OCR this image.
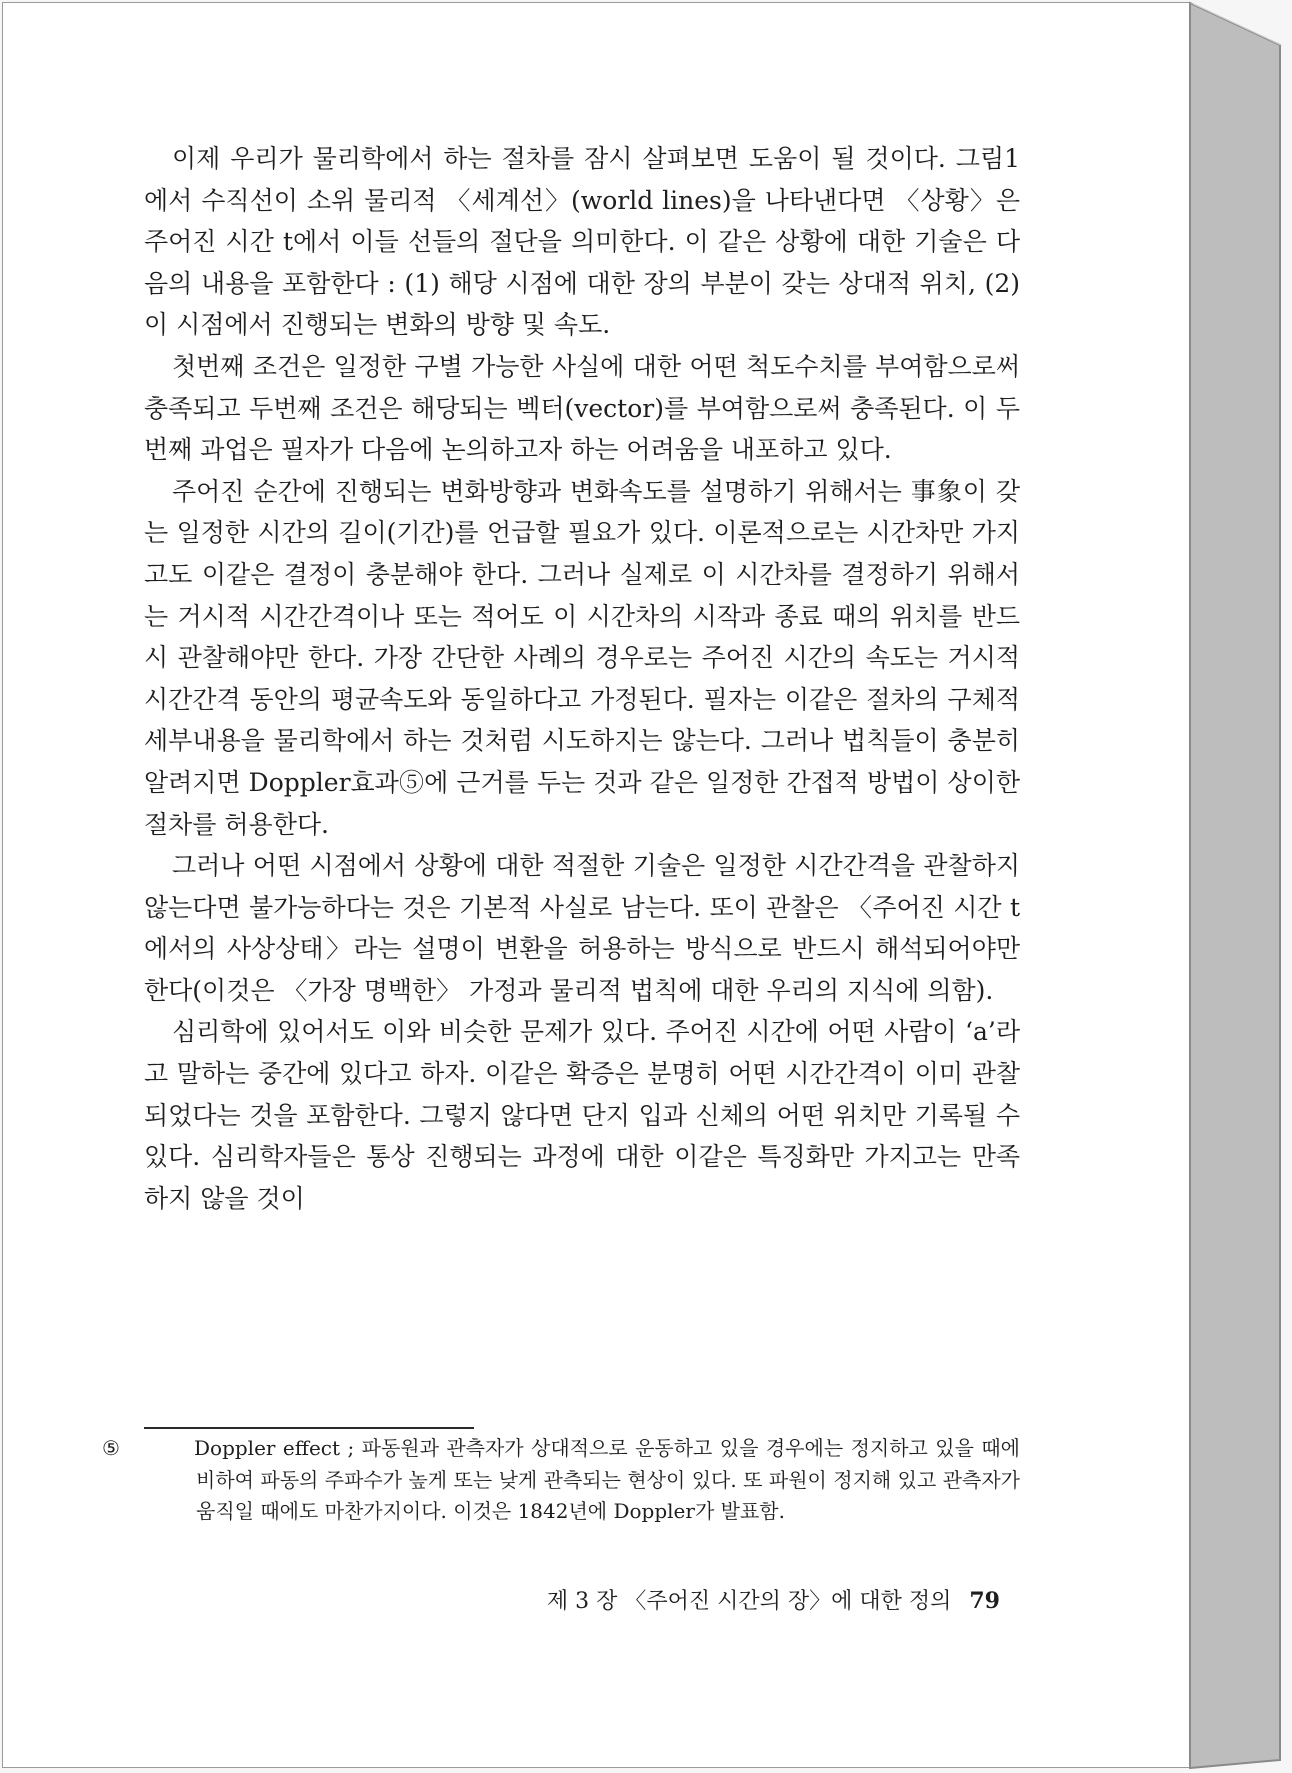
이제 우리가 물리학에서 하는 절차를 잠시 살펴보면 도움이 될 것이다. 그림1에서 수직선이 소위 물리적 〈세계선〉(world lines)을 나타낸다면 〈상황〉은 주어진 시간 t에서 이들 선들의 절단을 의미한다. 이 같은 상황에 대한 기술은 다음의 내용을 포함한다 : (1) 해당 시점에 대한 장의 부분이 갖는 상대적 위치, (2) 이 시점에서 진행되는 변화의 방향 및 속도.

첫번째 조건은 일정한 구별 가능한 사실에 대한 어떤 척도수치를 부여함으로써 충족되고 두번째 조건은 해당되는 벡터(vector)를 부여함으로써 충족된다. 이 두번째 과업은 필자가 다음에 논의하고자 하는 어려움을 내포하고 있다.

주어진 순간에 진행되는 변화방향과 변화속도를 설명하기 위해서는 事象이 갖는 일정한 시간의 길이(기간)를 언급할 필요가 있다. 이론적으로는 시간차만 가지고도 이같은 결정이 충분해야 한다. 그러나 실제로 이 시간차를 결정하기 위해서는 거시적 시간간격이나 또는 적어도 이 시간차의 시작과 종료 때의 위치를 반드시 관찰해야만 한다. 가장 간단한 사례의 경우로는 주어진 시간의 속도는 거시적 시간간격 동안의 평균속도와 동일하다고 가정된다. 필자는 이같은 절차의 구체적 세부내용을 물리학에서 하는 것처럼 시도하지는 않는다. 그러나 법칙들이 충분히 알려지면 Doppler효과⑤에 근거를 두는 것과 같은 일정한 간접적 방법이 상이한 절차를 허용한다.

그러나 어떤 시점에서 상황에 대한 적절한 기술은 일정한 시간간격을 관찰하지 않는다면 불가능하다는 것은 기본적 사실로 남는다. 또이 관찰은 〈주어진 시간 t에서의 사상상태〉라는 설명이 변환을 허용하는 방식으로 반드시 해석되어야만 한다(이것은 〈가장 명백한〉 가정과 물리적 법칙에 대한 우리의 지식에 의함).

심리학에 있어서도 이와 비슷한 문제가 있다. 주어진 시간에 어떤 사람이 ‘a’라고 말하는 중간에 있다고 하자. 이같은 확증은 분명히 어떤 시간간격이 이미 관찰되었다는 것을 포함한다. 그렇지 않다면 단지 입과 신체의 어떤 위치만 기록될 수 있다. 심리학자들은 통상 진행되는 과정에 대한 이같은 특징화만 가지고는 만족하지 않을 것이

⑤	Doppler effect ; 파동원과 관측자가 상대적으로 운동하고 있을 경우에는 정지하고 있을 때에 비하여 파동의 주파수가 높게 또는 낮게 관측되는 현상이 있다. 또 파원이 정지해 있고 관측자가 움직일 때에도 마찬가지이다. 이것은 1842년에 Doppler가 발표함.

제 3 장 〈주어진 시간의 장〉에 대한 정의 79
